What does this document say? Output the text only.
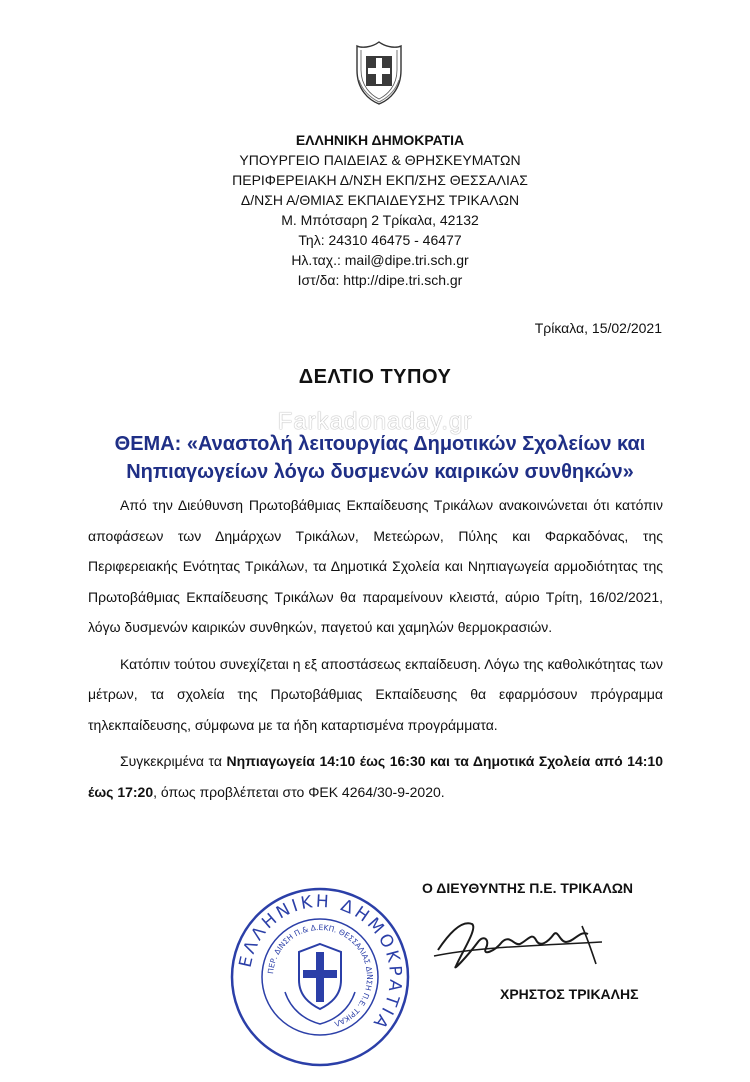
ΕΛΛΗΝΙΚΗ ΔΗΜΟΚΡΑΤΙΑ
ΥΠΟΥΡΓΕΙΟ ΠΑΙΔΕΙΑΣ & ΘΡΗΣΚΕΥΜΑΤΩΝ
ΠΕΡΙΦΕΡΕΙΑΚΗ Δ/ΝΣΗ ΕΚΠ/ΣΗΣ ΘΕΣΣΑΛΙΑΣ
Δ/ΝΣΗ Α/ΘΜΙΑΣ ΕΚΠΑΙΔΕΥΣΗΣ ΤΡΙΚΑΛΩΝ
Μ. Μπότσαρη 2 Τρίκαλα, 42132
Τηλ: 24310 46475 - 46477
Ηλ.ταχ.: mail@dipe.tri.sch.gr
Ιστ/δα: http://dipe.tri.sch.gr
Τρίκαλα, 15/02/2021
ΔΕΛΤΙΟ ΤΥΠΟΥ
Farkadonaday.gr
ΘΕΜΑ: «Αναστολή λειτουργίας Δημοτικών Σχολείων και
Νηπιαγωγείων λόγω δυσμενών καιρικών συνθηκών»

Από την Διεύθυνση Πρωτοβάθμιας Εκπαίδευσης Τρικάλων ανακοινώνεται ότι κατόπιν αποφάσεων των Δημάρχων Τρικάλων, Μετεώρων, Πύλης και Φαρκαδόνας, της Περιφερειακής Ενότητας Τρικάλων, τα Δημοτικά Σχολεία και Νηπιαγωγεία αρμοδιότητας της Πρωτοβάθμιας Εκπαίδευσης Τρικάλων θα παραμείνουν κλειστά, αύριο Τρίτη, 16/02/2021, λόγω δυσμενών καιρικών συνθηκών, παγετού και χαμηλών θερμοκρασιών.

Κατόπιν τούτου συνεχίζεται η εξ αποστάσεως εκπαίδευση. Λόγω της καθολικότητας των μέτρων, τα σχολεία της Πρωτοβάθμιας Εκπαίδευσης θα εφαρμόσουν πρόγραμμα τηλεκπαίδευσης, σύμφωνα με τα ήδη καταρτισμένα προγράμματα.

Συγκεκριμένα τα Νηπιαγωγεία 14:10 έως 16:30 και τα Δημοτικά Σχολεία από 14:10 έως 17:20, όπως προβλέπεται στο ΦΕΚ 4264/30-9-2020.

ΕΛΛΗΝΙΚΗ ΔΗΜΟΚΡΑΤΙΑ
ΠΕΡ. ΔΙΝΣΗ Π.& Δ.ΕΚΠ. ΘΕΣΣΑΛΙΑΣ ΔΙΝΣΗ Π.Ε. ΤΡΙΚΑΛ
Ο ΔΙΕΥΘΥΝΤΗΣ Π.Ε. ΤΡΙΚΑΛΩΝ
ΧΡΗΣΤΟΣ ΤΡΙΚΑΛΗΣ
